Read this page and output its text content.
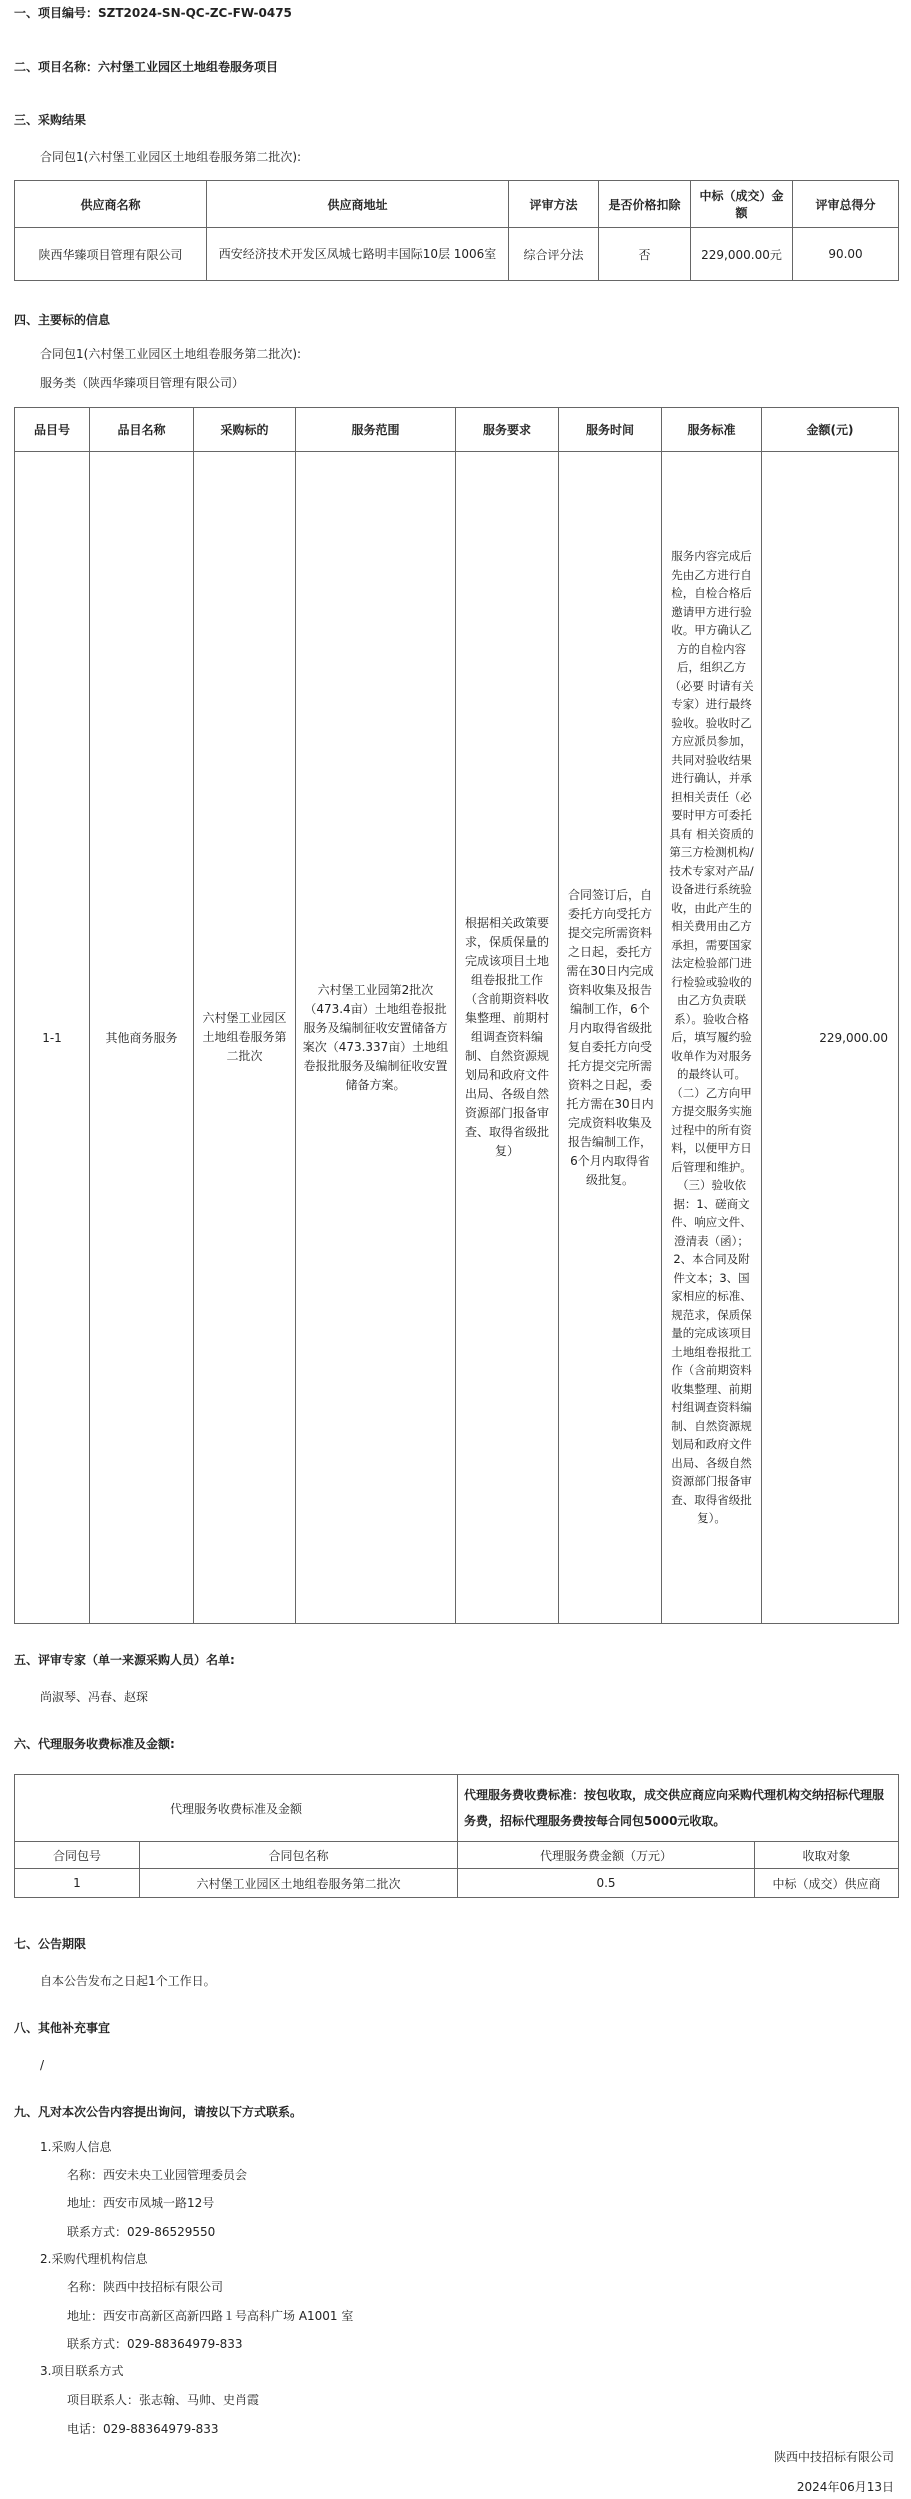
一、项目编号：SZT2024-SN-QC-ZC-FW-0475
二、项目名称：六村堡工业园区土地组卷服务项目
三、采购结果
合同包1(六村堡工业园区土地组卷服务第二批次):
供应商名称	供应商地址	评审方法	是否价格扣除	中标（成交）金额	评审总得分
陕西华臻项目管理有限公司	西安经济技术开发区凤城七路明丰国际10层 1006室	综合评分法	否	229,000.00元	90.00
四、主要标的信息
合同包1(六村堡工业园区土地组卷服务第二批次):
服务类（陕西华臻项目管理有限公司）
品目号	品目名称	采购标的	服务范围	服务要求	服务时间	服务标准	金额(元)
1-1	其他商务服务	六村堡工业园区土地组卷服务第二批次	六村堡工业园第2批次（473.4亩）土地组卷报批服务及编制征收安置储备方案次（473.337亩）土地组卷报批服务及编制征收安置储备方案。	根据相关政策要求，保质保量的完成该项目土地组卷报批工作（含前期资料收集整理、前期村组调查资料编制、自然资源规划局和政府文件出局、各级自然资源部门报备审查、取得省级批复）	合同签订后，自委托方向受托方提交完所需资料之日起，委托方需在30日内完成资料收集及报告编制工作，6个月内取得省级批复自委托方向受托方提交完所需资料之日起，委托方需在30日内完成资料收集及报告编制工作，6个月内取得省级批复。	服务内容完成后先由乙方进行自检，自检合格后邀请甲方进行验收。甲方确认乙方的自检内容后，组织乙方（必要 时请有关专家）进行最终验收。验收时乙方应派员参加，共同对验收结果进行确认，并承担相关责任（必要时甲方可委托具有 相关资质的第三方检测机构/技术专家对产品/设备进行系统验收，由此产生的相关费用由乙方承担，需要国家法定检验部门进行检验或验收的由乙方负责联系）。验收合格后，填写履约验收单作为对服务的最终认可。
（二）乙方向甲方提交服务实施过程中的所有资料，以便甲方日后管理和维护。
（三）验收依据：1、磋商文件、响应文件、澄清表（函）；2、本合同及附件文本；3、国家相应的标准、规范求，保质保量的完成该项目土地组卷报批工作（含前期资料收集整理、前期村组调查资料编制、自然资源规划局和政府文件出局、各级自然资源部门报备审查、取得省级批复）。	229,000.00
五、评审专家（单一来源采购人员）名单:
尚淑琴、冯春、赵琛
六、代理服务收费标准及金额:
代理服务收费标准及金额		代理服务费收费标准：按包收取，成交供应商应向采购代理机构交纳招标代理服务费，招标代理服务费按每合同包5000元收取。	
合同包号	合同包名称	代理服务费金额（万元）	收取对象
1	六村堡工业园区土地组卷服务第二批次	0.5	中标（成交）供应商
七、公告期限
自本公告发布之日起1个工作日。
八、其他补充事宜
/
九、凡对本次公告内容提出询问，请按以下方式联系。
1.采购人信息
名称：西安未央工业园管理委员会
地址：西安市凤城一路12号
联系方式：029-86529550
2.采购代理机构信息
名称：陕西中技招标有限公司
地址：西安市高新区高新四路１号高科广场 A1001 室
联系方式：029-88364979-833
3.项目联系方式
项目联系人：张志翰、马帅、史肖霞
电话：029-88364979-833
陕西中技招标有限公司
2024年06月13日
